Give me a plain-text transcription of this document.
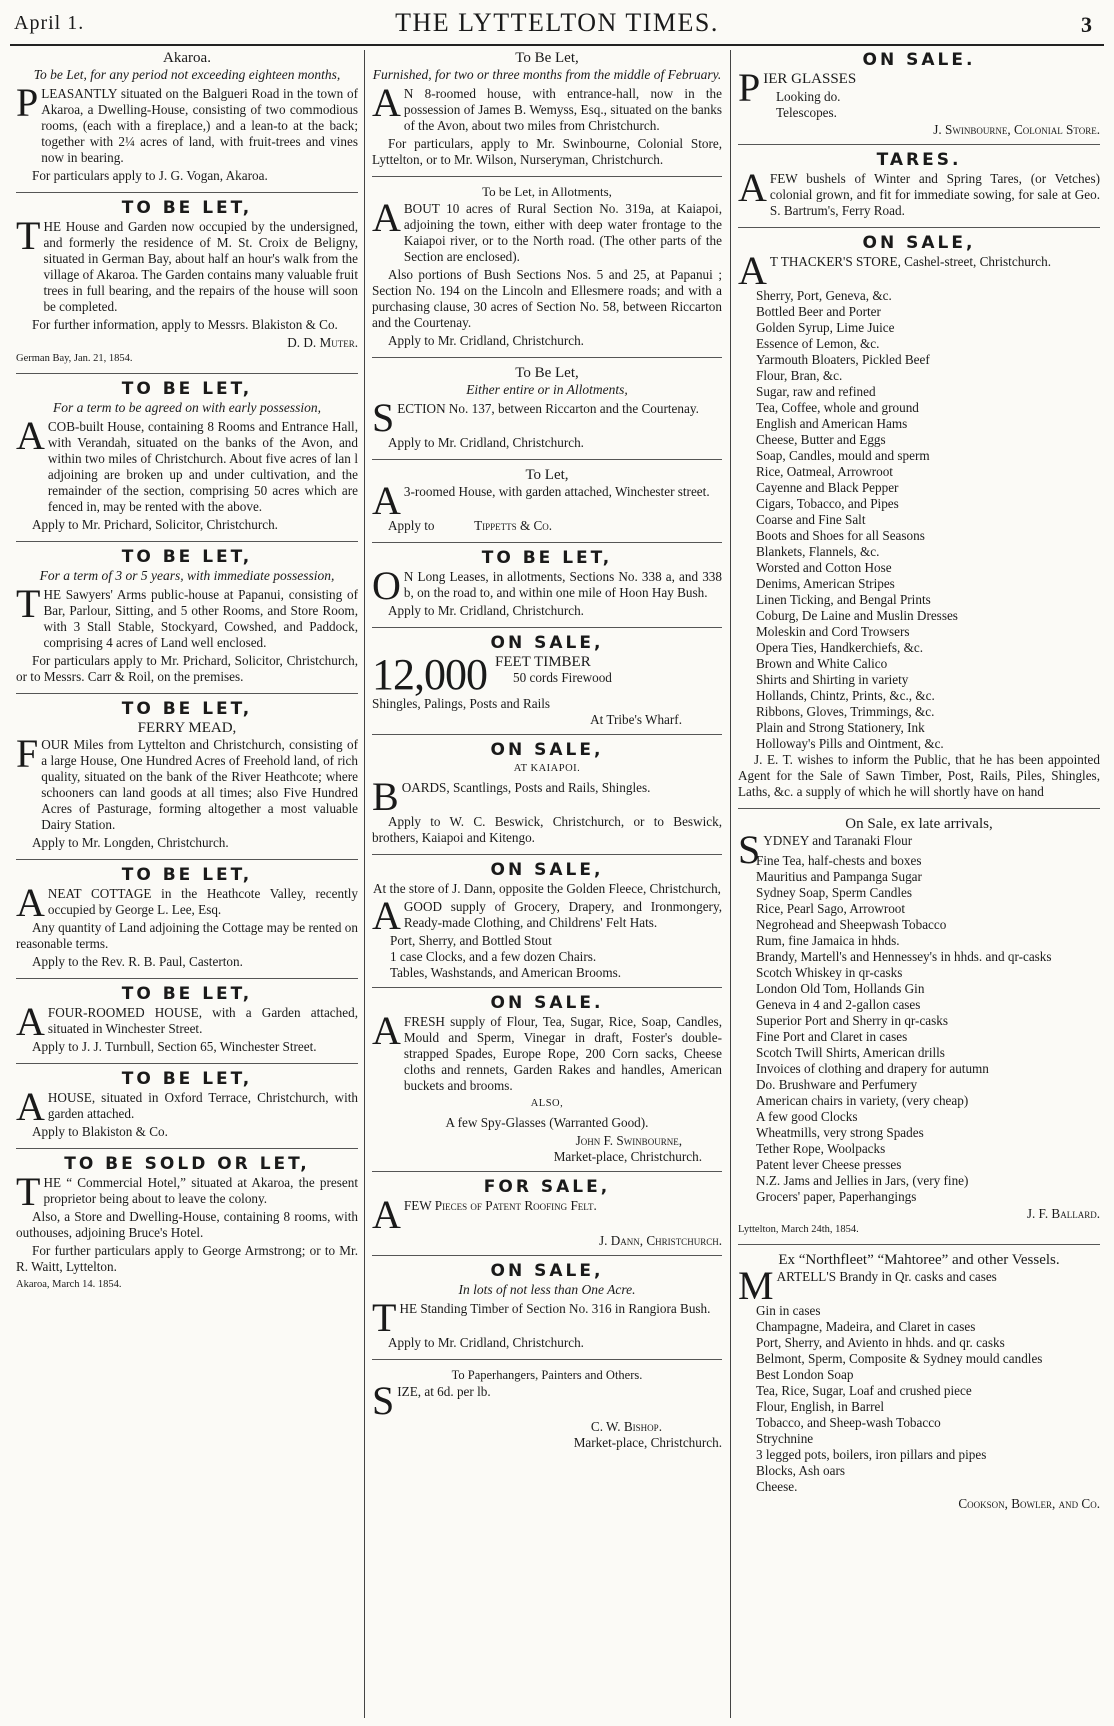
April 1.	THE LYTTELTON TIMES.	3
Akaroa.
To be Let, for any period not exceeding eighteen months,
P LEASANTLY situated on the Balgueri Road in the town of Akaroa, a Dwelling-House, consisting of two commodious rooms, (each with a fireplace,) and a lean-to at the back; together with 2¼ acres of land, with fruit-trees and vines now in bearing.

For particulars apply to J. G. Vogan, Akaroa.

TO BE LET,
T HE House and Garden now occupied by the undersigned, and formerly the residence of M. St. Croix de Beligny, situated in German Bay, about half an hour's walk from the village of Akaroa. The Garden contains many valuable fruit trees in full bearing, and the repairs of the house will soon be completed.

For further information, apply to Messrs. Blakiston & Co.

D. D. Muter.
German Bay, Jan. 21, 1854.
TO BE LET,
For a term to be agreed on with early possession,
A COB-built House, containing 8 Rooms and Entrance Hall, with Verandah, situated on the banks of the Avon, and within two miles of Christchurch. About five acres of lan l adjoining are broken up and under cultivation, and the remainder of the section, comprising 50 acres which are fenced in, may be rented with the above.

Apply to Mr. Prichard, Solicitor, Christchurch.

TO BE LET,
For a term of 3 or 5 years, with immediate possession,
T HE Sawyers' Arms public-house at Papanui, consisting of Bar, Parlour, Sitting, and 5 other Rooms, and Store Room, with 3 Stall Stable, Stockyard, Cowshed, and Paddock, comprising 4 acres of Land well enclosed.

For particulars apply to Mr. Prichard, Solicitor, Christchurch, or to Messrs. Carr & Roil, on the premises.

TO BE LET,
FERRY MEAD,
F OUR Miles from Lyttelton and Christchurch, consisting of a large House, One Hundred Acres of Freehold land, of rich quality, situated on the bank of the River Heathcote; where schooners can land goods at all times; also Five Hundred Acres of Pasturage, forming altogether a most valuable Dairy Station.

Apply to Mr. Longden, Christchurch.

TO BE LET,
A NEAT COTTAGE in the Heathcote Valley, recently occupied by George L. Lee, Esq.

Any quantity of Land adjoining the Cottage may be rented on reasonable terms.

Apply to the Rev. R. B. Paul, Casterton.

TO BE LET,
A FOUR-ROOMED HOUSE, with a Garden attached, situated in Winchester Street.

Apply to J. J. Turnbull, Section 65, Winchester Street.

TO BE LET,
A HOUSE, situated in Oxford Terrace, Christchurch, with garden attached.

Apply to Blakiston & Co.

TO BE SOLD OR LET,
T HE “ Commercial Hotel,” situated at Akaroa, the present proprietor being about to leave the colony.

Also, a Store and Dwelling-House, containing 8 rooms, with outhouses, adjoining Bruce's Hotel.

For further particulars apply to George Armstrong; or to Mr. R. Waitt, Lyttelton.

Akaroa, March 14. 1854.
To Be Let,
Furnished, for two or three months from the middle of February.
A N 8-roomed house, with entrance-hall, now in the possession of James B. Wemyss, Esq., situated on the banks of the Avon, about two miles from Christchurch.

For particulars, apply to Mr. Swinbourne, Colonial Store, Lyttelton, or to Mr. Wilson, Nurseryman, Christchurch.

To be Let, in Allotments,
A BOUT 10 acres of Rural Section No. 319a, at Kaiapoi, adjoining the town, either with deep water frontage to the Kaiapoi river, or to the North road. (The other parts of the Section are enclosed).

Also portions of Bush Sections Nos. 5 and 25, at Papanui ; Section No. 194 on the Lincoln and Ellesmere roads; and with a purchasing clause, 30 acres of Section No. 58, between Riccarton and the Courtenay.

Apply to Mr. Cridland, Christchurch.

To Be Let,
Either entire or in Allotments,
S ECTION No. 137, between Riccarton and the Courtenay.

Apply to Mr. Cridland, Christchurch.

To Let,
A 3-roomed House, with garden attached, Winchester street.

Apply to	Tippetts & Co.

TO BE LET,
O N Long Leases, in allotments, Sections No. 338 a, and 338 b, on the road to, and within one mile of Hoon Hay Bush.

Apply to Mr. Cridland, Christchurch.

ON SALE,
12,000 FEET TIMBER
50 cords Firewood
Shingles, Palings, Posts and Rails
At Tribe's Wharf.
ON SALE,
AT KAIAPOI.
B OARDS, Scantlings, Posts and Rails, Shingles.

Apply to W. C. Beswick, Christchurch, or to Beswick, brothers, Kaiapoi and Kitengo.

ON SALE,

At the store of J. Dann, opposite the Golden Fleece, Christchurch,

A GOOD supply of Grocery, Drapery, and Ironmongery, Ready-made Clothing, and Childrens' Felt Hats.

Port, Sherry, and Bottled Stout
1 case Clocks, and a few dozen Chairs.
Tables, Washstands, and American Brooms.
ON SALE.
A FRESH supply of Flour, Tea, Sugar, Rice, Soap, Candles, Mould and Sperm, Vinegar in draft, Foster's double-strapped Spades, Europe Rope, 200 Corn sacks, Cheese cloths and rennets, Garden Rakes and handles, American buckets and brooms.

ALSO,

A few Spy-Glasses (Warranted Good).

John F. Swinbourne,
Market-place, Christchurch.
FOR SALE,
A FEW Pieces of Patent Roofing Felt.

J. Dann, Christchurch.
ON SALE,
In lots of not less than One Acre.
T HE Standing Timber of Section No. 316 in Rangiora Bush.

Apply to Mr. Cridland, Christchurch.

To Paperhangers, Painters and Others.
S IZE, at 6d. per lb.

C. W. Bishop.
Market-place, Christchurch.
ON SALE.
P IER GLASSES

Looking do.
Telescopes.
J. Swinbourne, Colonial Store.
TARES.
A FEW bushels of Winter and Spring Tares, (or Vetches) colonial grown, and fit for immediate sowing, for sale at Geo. S. Bartrum's, Ferry Road.

ON SALE,
A T THACKER'S STORE, Cashel-street, Christchurch.

Sherry, Port, Geneva, &c.
Bottled Beer and Porter
Golden Syrup, Lime Juice
Essence of Lemon, &c.
Yarmouth Bloaters, Pickled Beef
Flour, Bran, &c.
Sugar, raw and refined
Tea, Coffee, whole and ground
English and American Hams
Cheese, Butter and Eggs
Soap, Candles, mould and sperm
Rice, Oatmeal, Arrowroot
Cayenne and Black Pepper
Cigars, Tobacco, and Pipes
Coarse and Fine Salt
Boots and Shoes for all Seasons
Blankets, Flannels, &c.
Worsted and Cotton Hose
Denims, American Stripes
Linen Ticking, and Bengal Prints
Coburg, De Laine and Muslin Dresses
Moleskin and Cord Trowsers
Opera Ties, Handkerchiefs, &c.
Brown and White Calico
Shirts and Shirting in variety
Hollands, Chintz, Prints, &c., &c.
Ribbons, Gloves, Trimmings, &c.
Plain and Strong Stationery, Ink
Holloway's Pills and Ointment, &c.

J. E. T. wishes to inform the Public, that he has been appointed Agent for the Sale of Sawn Timber, Post, Rails, Piles, Shingles, Laths, &c. a supply of which he will shortly have on hand

On Sale, ex late arrivals,
S YDNEY and Taranaki Flour

Fine Tea, half-chests and boxes
Mauritius and Pampanga Sugar
Sydney Soap, Sperm Candles
Rice, Pearl Sago, Arrowroot
Negrohead and Sheepwash Tobacco
Rum, fine Jamaica in hhds.
Brandy, Martell's and Hennessey's in hhds. and qr-casks
Scotch Whiskey in qr-casks
London Old Tom, Hollands Gin
Geneva in 4 and 2-gallon cases
Superior Port and Sherry in qr-casks
Fine Port and Claret in cases
Scotch Twill Shirts, American drills
Invoices of clothing and drapery for autumn
Do. Brushware and Perfumery
American chairs in variety, (very cheap)
A few good Clocks
Wheatmills, very strong Spades
Tether Rope, Woolpacks
Patent lever Cheese presses
N.Z. Jams and Jellies in Jars, (very fine)
Grocers' paper, Paperhangings
J. F. Ballard.
Lyttelton, March 24th, 1854.
Ex “Northfleet” “Mahtoree” and other Vessels.
M ARTELL'S Brandy in Qr. casks and cases

Gin in cases
Champagne, Madeira, and Claret in cases
Port, Sherry, and Aviento in hhds. and qr. casks
Belmont, Sperm, Composite & Sydney mould candles
Best London Soap
Tea, Rice, Sugar, Loaf and crushed piece
Flour, English, in Barrel
Tobacco, and Sheep-wash Tobacco
Strychnine
3 legged pots, boilers, iron pillars and pipes
Blocks, Ash oars
Cheese.
Cookson, Bowler, and Co.
